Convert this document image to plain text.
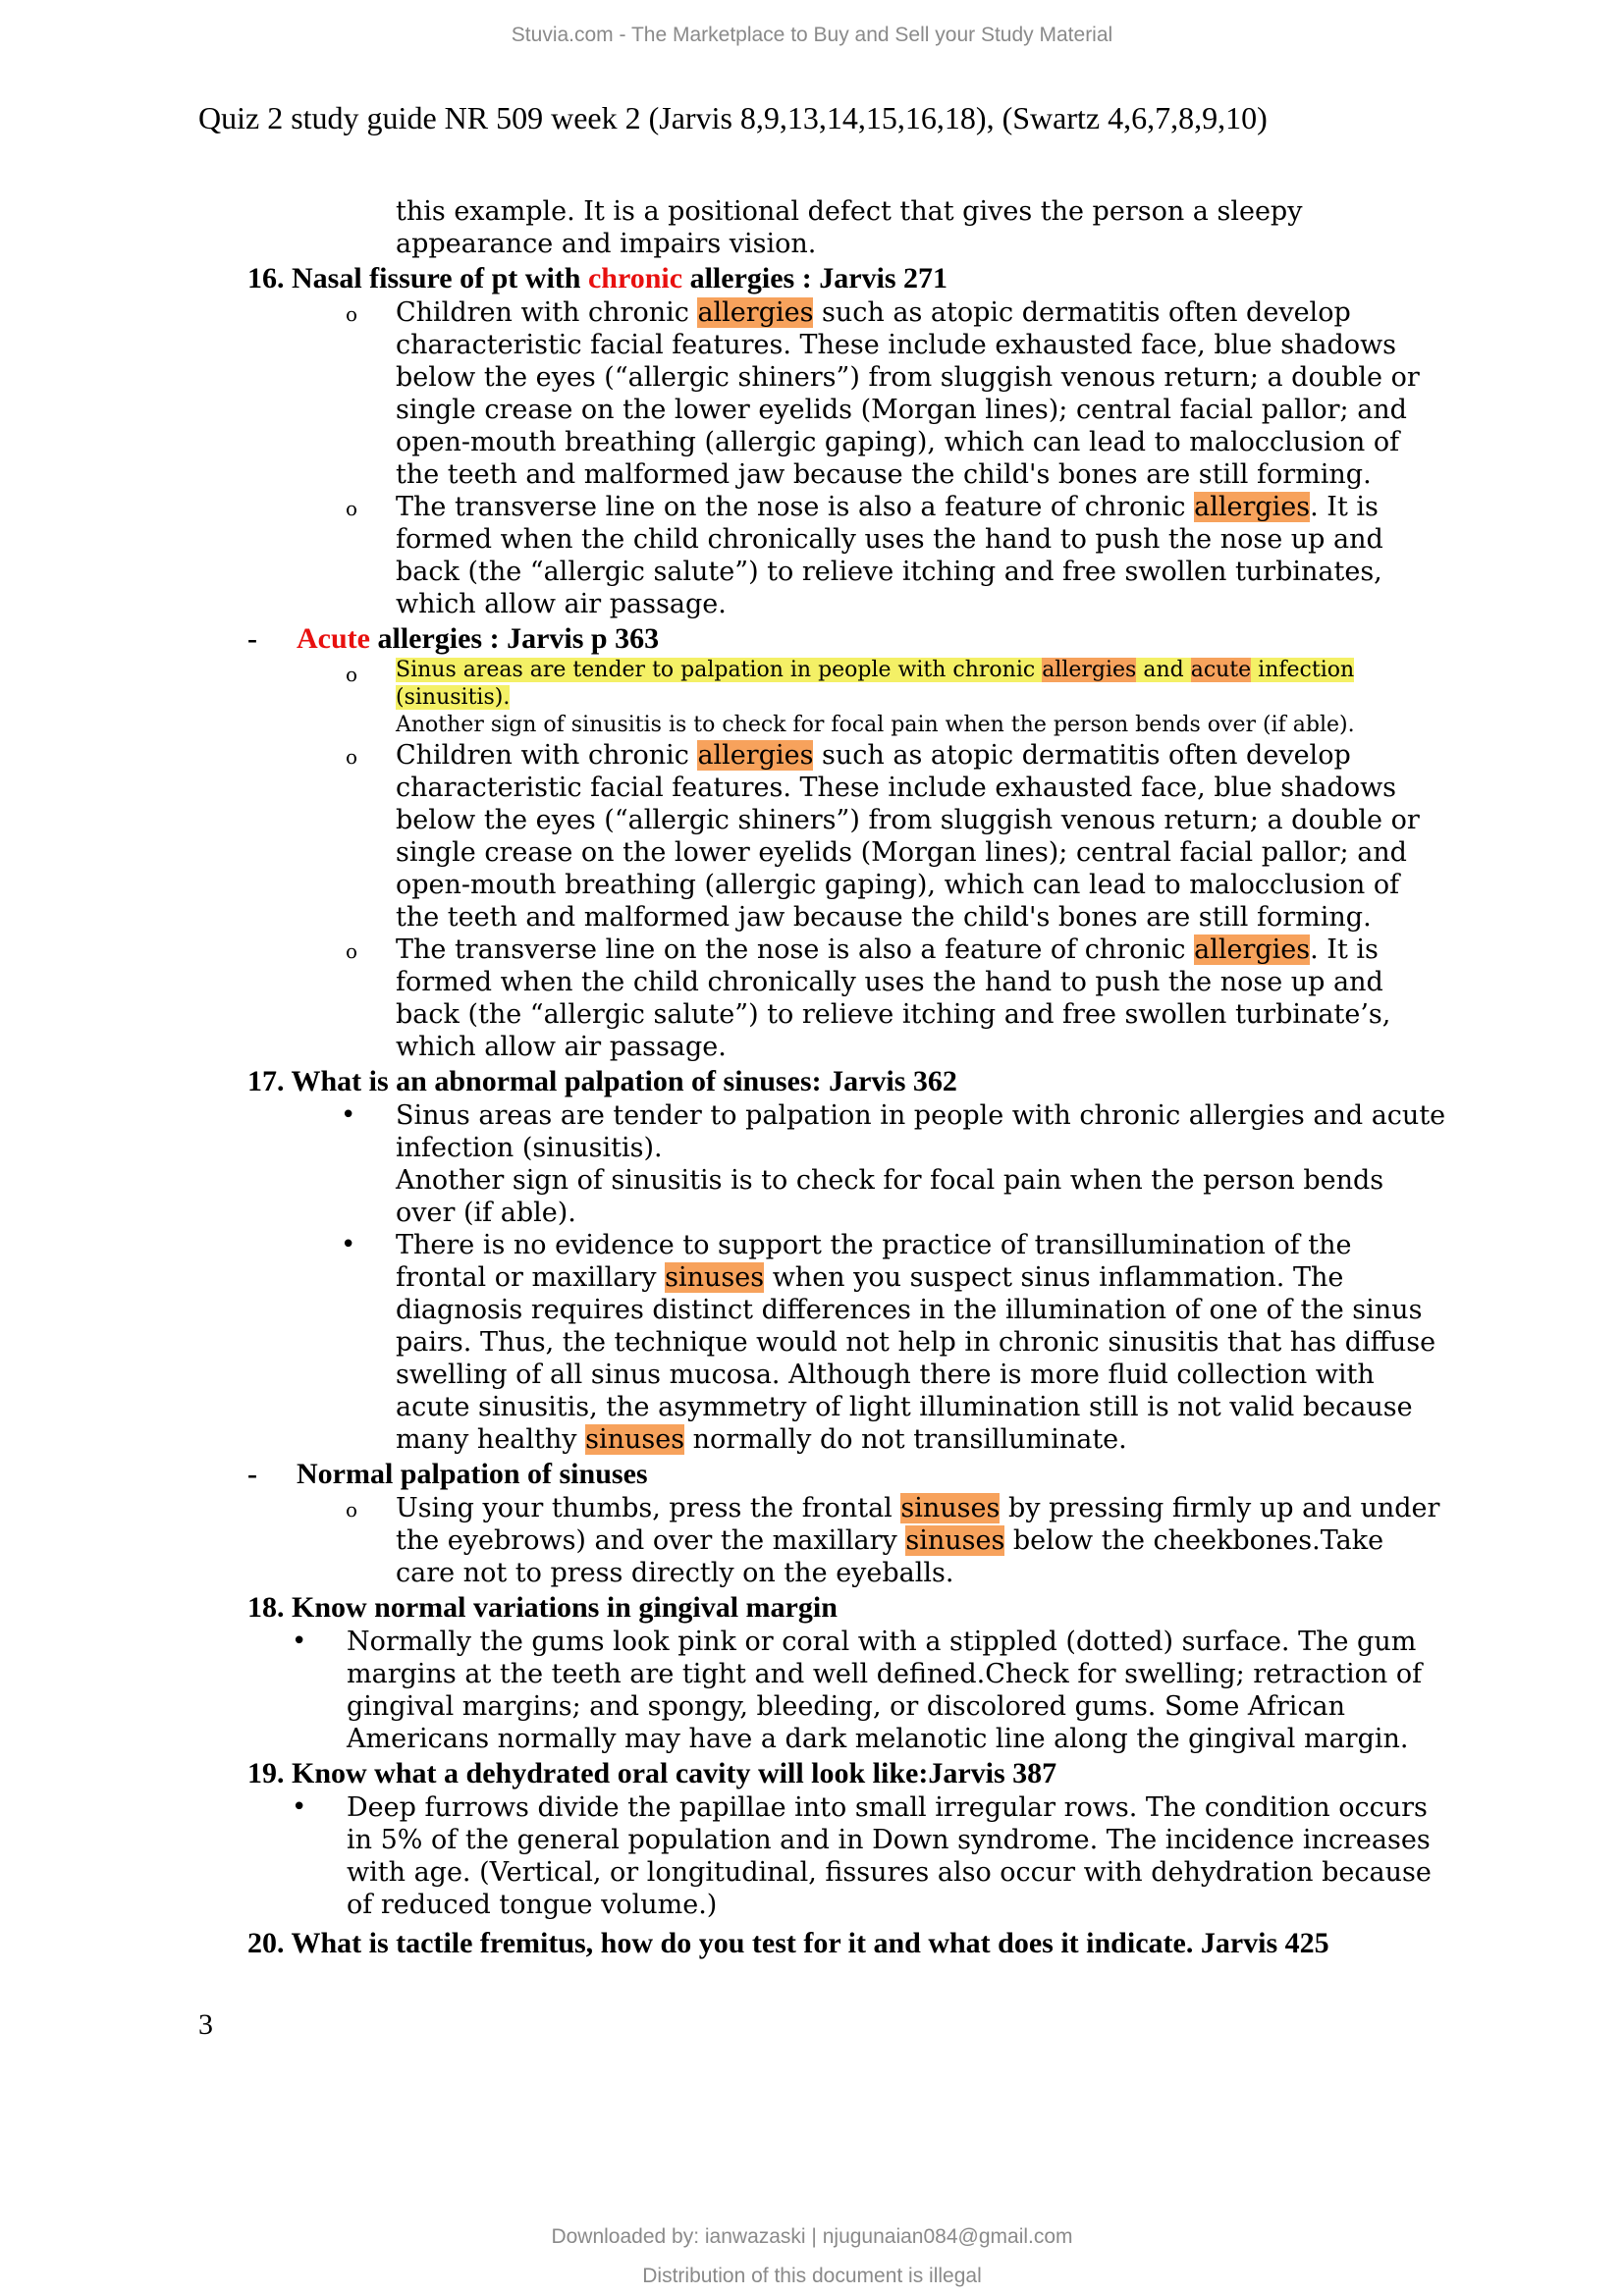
Stuvia.com - The Marketplace to Buy and Sell your Study Material
Quiz 2 study guide NR 509 week 2 (Jarvis 8,9,13,14,15,16,18), (Swartz 4,6,7,8,9,10)
this example. It is a positional defect that gives the person a sleepy
appearance and impairs vision.
16. Nasal fissure of pt with chronic allergies : Jarvis 271
o	Children with chronic allergies such as atopic dermatitis often develop
characteristic facial features. These include exhausted face, blue shadows
below the eyes (“allergic shiners”) from sluggish venous return; a double or
single crease on the lower eyelids (Morgan lines); central facial pallor; and
open-mouth breathing (allergic gaping), which can lead to malocclusion of
the teeth and malformed jaw because the child's bones are still forming.
o	The transverse line on the nose is also a feature of chronic allergies. It is
formed when the child chronically uses the hand to push the nose up and
back (the “allergic salute”) to relieve itching and free swollen turbinates,
which allow air passage.
- Acute allergies : Jarvis p 363
o	Sinus areas are tender to palpation in people with chronic allergies and acute infection
(sinusitis).
Another sign of sinusitis is to check for focal pain when the person bends over (if able).
o	Children with chronic allergies such as atopic dermatitis often develop
characteristic facial features. These include exhausted face, blue shadows
below the eyes (“allergic shiners”) from sluggish venous return; a double or
single crease on the lower eyelids (Morgan lines); central facial pallor; and
open-mouth breathing (allergic gaping), which can lead to malocclusion of
the teeth and malformed jaw because the child's bones are still forming.
o	The transverse line on the nose is also a feature of chronic allergies. It is
formed when the child chronically uses the hand to push the nose up and
back (the “allergic salute”) to relieve itching and free swollen turbinate’s,
which allow air passage.
17. What is an abnormal palpation of sinuses: Jarvis 362
•	Sinus areas are tender to palpation in people with chronic allergies and acute
infection (sinusitis).
Another sign of sinusitis is to check for focal pain when the person bends
over (if able).
•	There is no evidence to support the practice of transillumination of the
frontal or maxillary sinuses when you suspect sinus inflammation. The
diagnosis requires distinct differences in the illumination of one of the sinus
pairs. Thus, the technique would not help in chronic sinusitis that has diffuse
swelling of all sinus mucosa. Although there is more fluid collection with
acute sinusitis, the asymmetry of light illumination still is not valid because
many healthy sinuses normally do not transilluminate.
- Normal palpation of sinuses
o	Using your thumbs, press the frontal sinuses by pressing firmly up and under
the eyebrows) and over the maxillary sinuses below the cheekbones.Take
care not to press directly on the eyeballs.
18. Know normal variations in gingival margin
•	Normally the gums look pink or coral with a stippled (dotted) surface. The gum
margins at the teeth are tight and well defined.Check for swelling; retraction of
gingival margins; and spongy, bleeding, or discolored gums. Some African
Americans normally may have a dark melanotic line along the gingival margin.
19. Know what a dehydrated oral cavity will look like:Jarvis 387
•	Deep furrows divide the papillae into small irregular rows. The condition occurs
in 5% of the general population and in Down syndrome. The incidence increases
with age. (Vertical, or longitudinal, fissures also occur with dehydration because
of reduced tongue volume.)
20. What is tactile fremitus, how do you test for it and what does it indicate. Jarvis 425
3
Downloaded by: ianwazaski | njugunaian084@gmail.com
Distribution of this document is illegal
